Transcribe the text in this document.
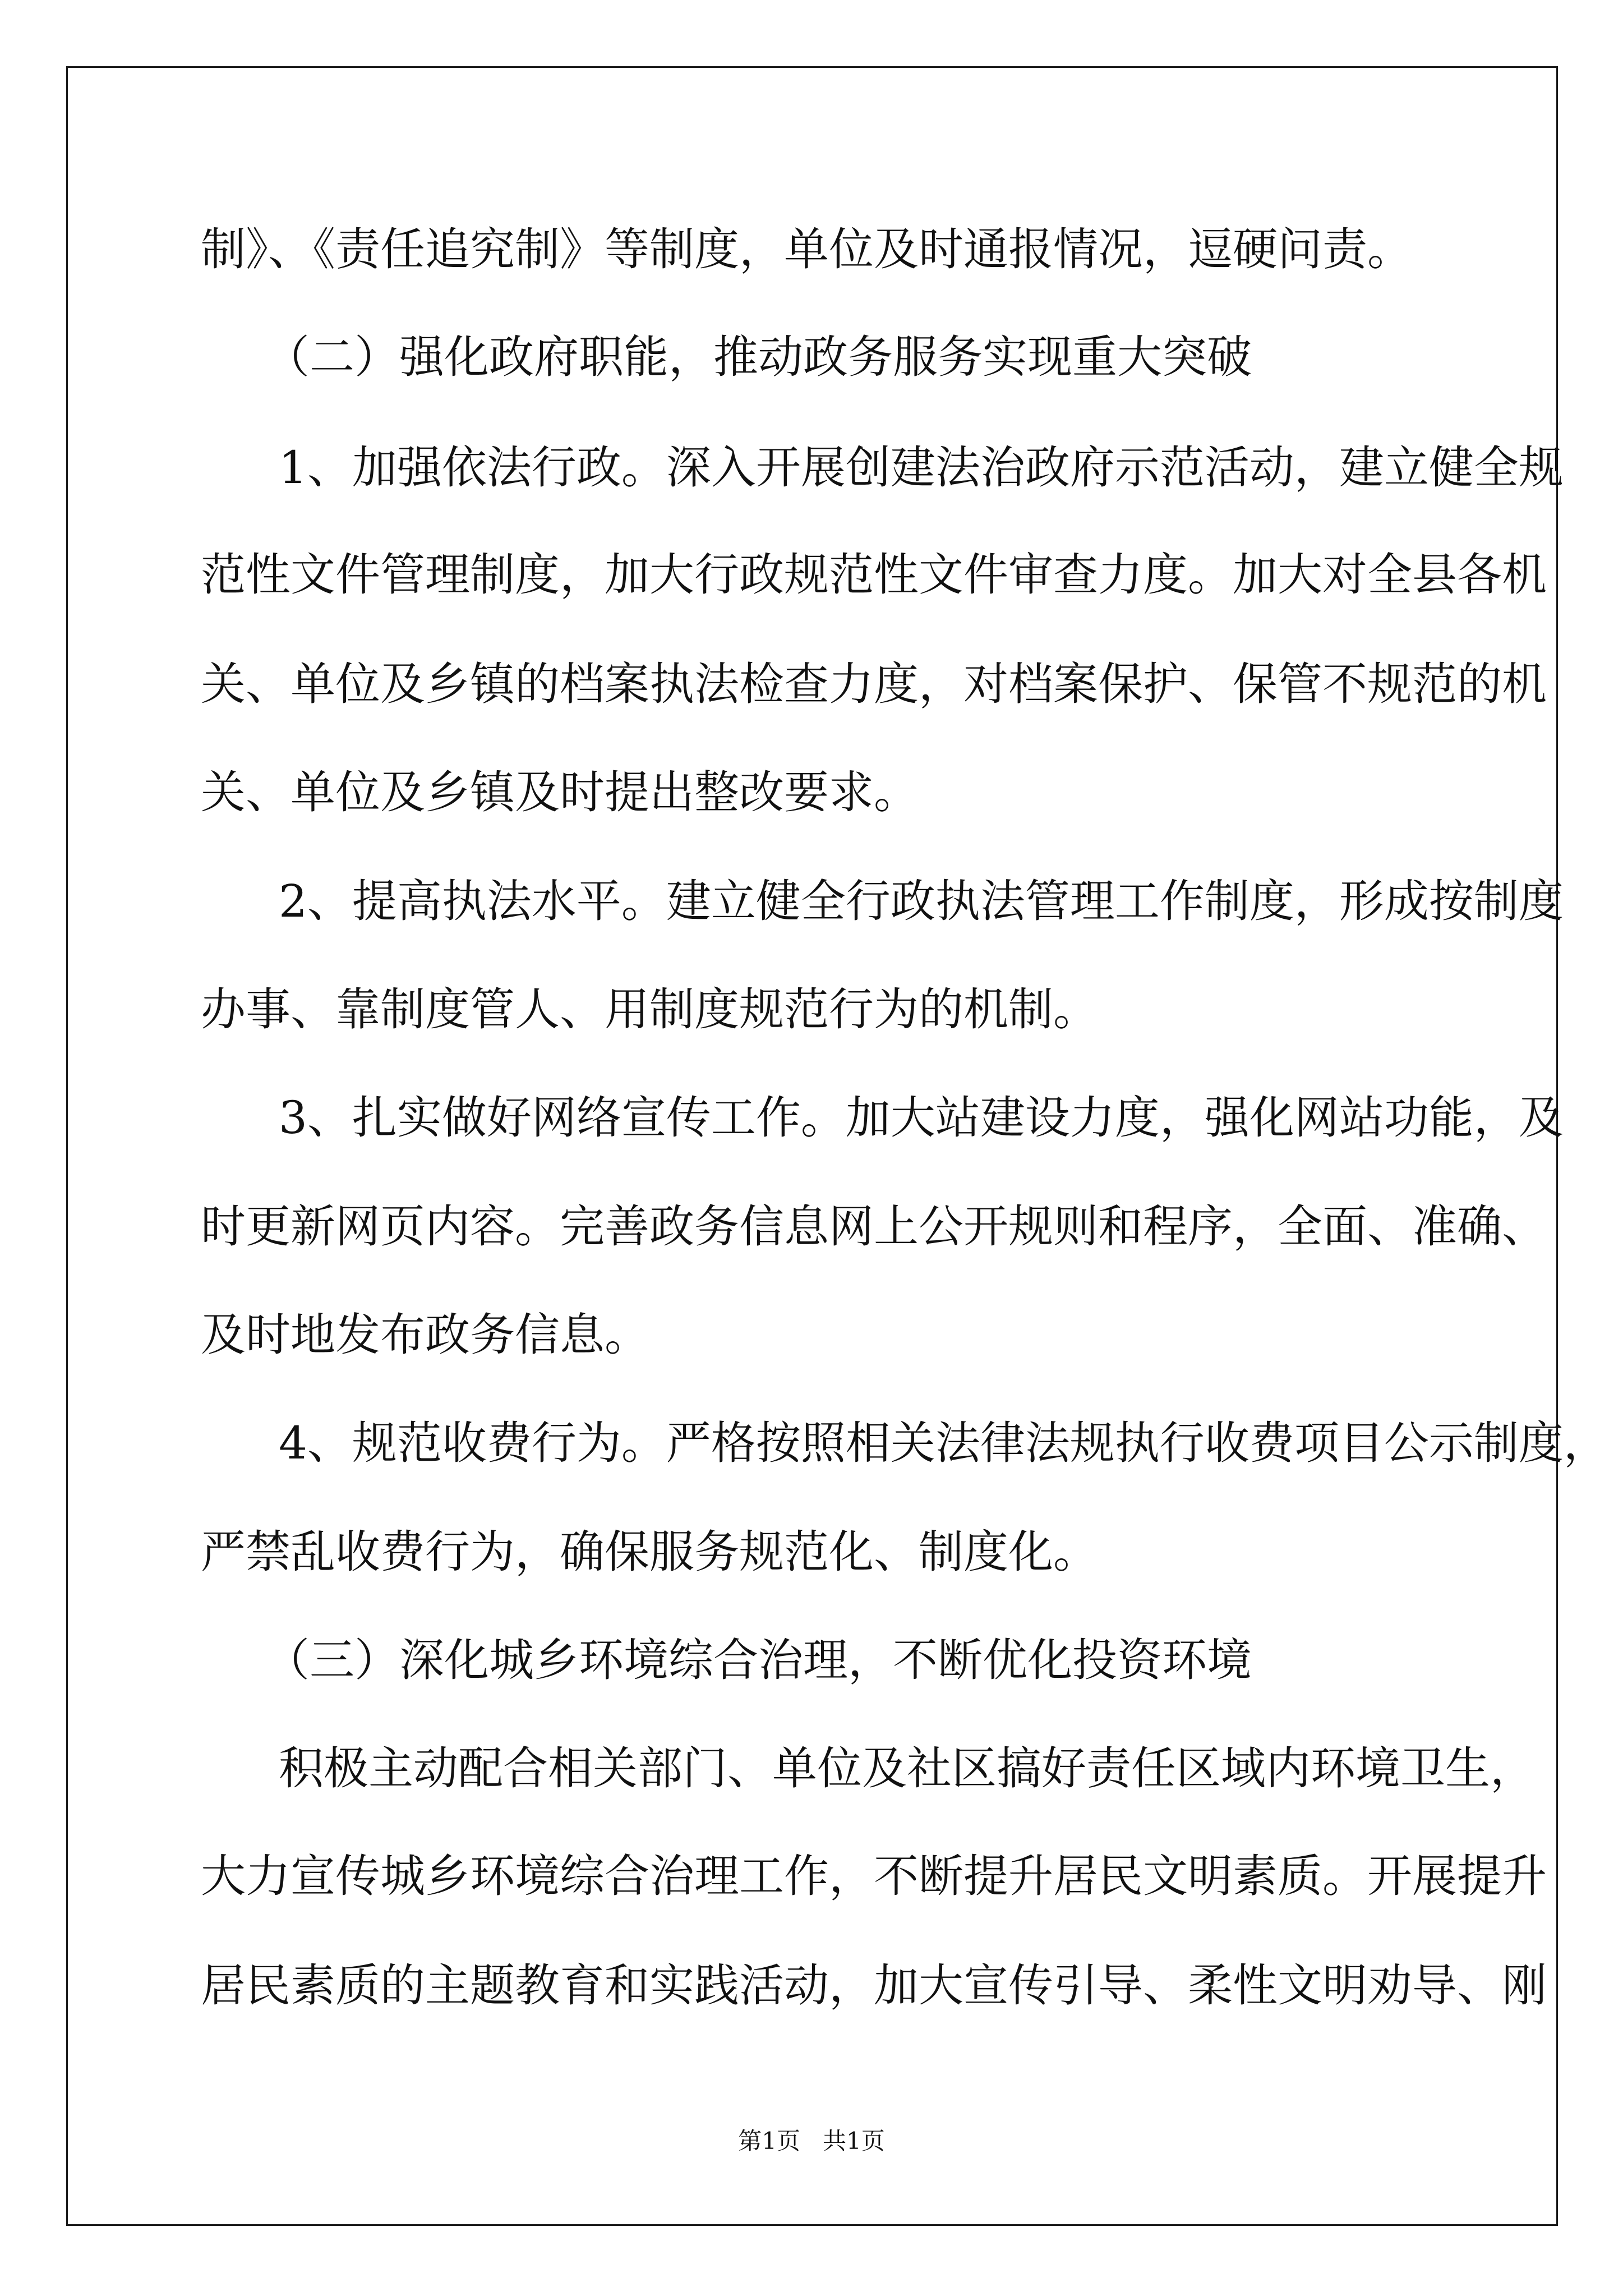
制》、《责任追究制》等制度，单位及时通报情况，逗硬问责。
（二）强化政府职能，推动政务服务实现重大突破
1、加强依法行政。深入开展创建法治政府示范活动，建立健全规
范性文件管理制度，加大行政规范性文件审查力度。加大对全县各机
关、单位及乡镇的档案执法检查力度，对档案保护、保管不规范的机
关、单位及乡镇及时提出整改要求。
2、提高执法水平。建立健全行政执法管理工作制度，形成按制度
办事、靠制度管人、用制度规范行为的机制。
3、扎实做好网络宣传工作。加大站建设力度，强化网站功能，及
时更新网页内容。完善政务信息网上公开规则和程序，全面、准确、
及时地发布政务信息。
4、规范收费行为。严格按照相关法律法规执行收费项目公示制度，
严禁乱收费行为，确保服务规范化、制度化。
（三）深化城乡环境综合治理，不断优化投资环境
积极主动配合相关部门、单位及社区搞好责任区域内环境卫生，
大力宣传城乡环境综合治理工作，不断提升居民文明素质。开展提升
居民素质的主题教育和实践活动，加大宣传引导、柔性文明劝导、刚
第1页 共1页
